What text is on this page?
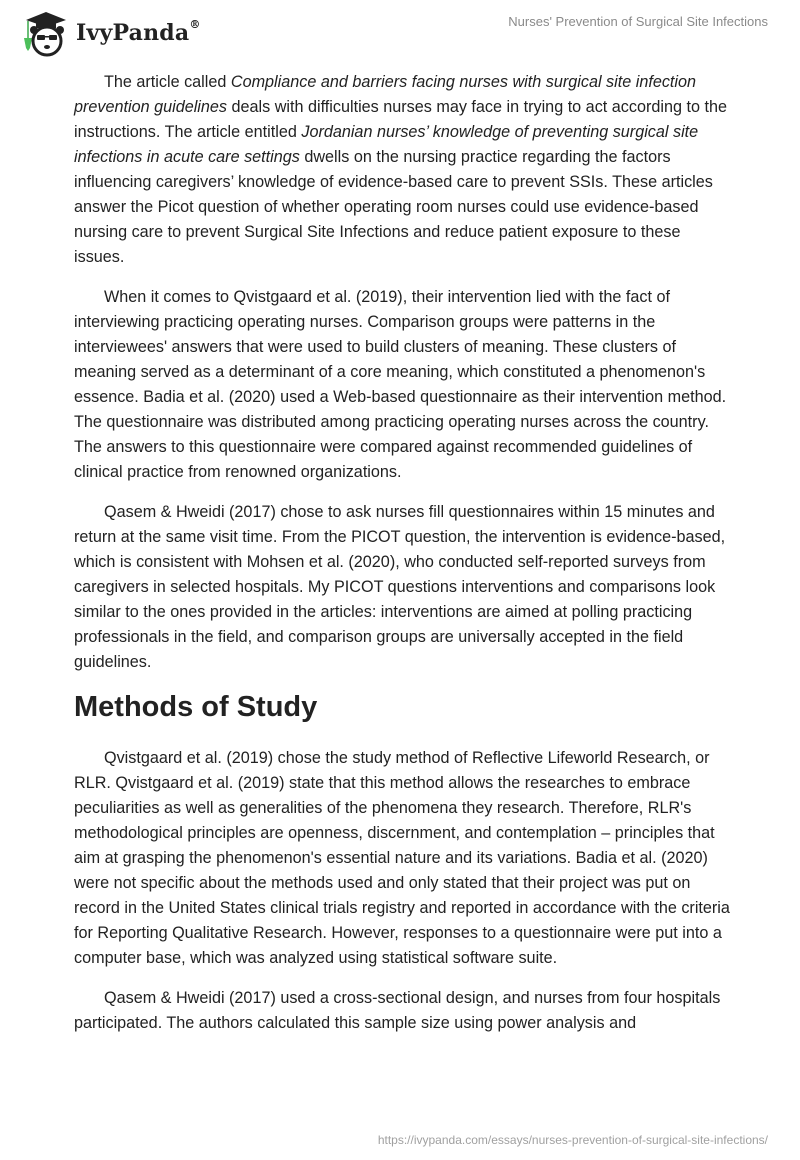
IvyPanda®	Nurses' Prevention of Surgical Site Infections

The article called Compliance and barriers facing nurses with surgical site infection prevention guidelines deals with difficulties nurses may face in trying to act according to the instructions. The article entitled Jordanian nurses’ knowledge of preventing surgical site infections in acute care settings dwells on the nursing practice regarding the factors influencing caregivers’ knowledge of evidence-based care to prevent SSIs. These articles answer the Picot question of whether operating room nurses could use evidence-based nursing care to prevent Surgical Site Infections and reduce patient exposure to these issues.

When it comes to Qvistgaard et al. (2019), their intervention lied with the fact of interviewing practicing operating nurses. Comparison groups were patterns in the interviewees' answers that were used to build clusters of meaning. These clusters of meaning served as a determinant of a core meaning, which constituted a phenomenon's essence. Badia et al. (2020) used a Web-based questionnaire as their intervention method. The questionnaire was distributed among practicing operating nurses across the country. The answers to this questionnaire were compared against recommended guidelines of clinical practice from renowned organizations.

Qasem & Hweidi (2017) chose to ask nurses fill questionnaires within 15 minutes and return at the same visit time. From the PICOT question, the intervention is evidence-based, which is consistent with Mohsen et al. (2020), who conducted self-reported surveys from caregivers in selected hospitals. My PICOT questions interventions and comparisons look similar to the ones provided in the articles: interventions are aimed at polling practicing professionals in the field, and comparison groups are universally accepted in the field guidelines.

Methods of Study

Qvistgaard et al. (2019) chose the study method of Reflective Lifeworld Research, or RLR. Qvistgaard et al. (2019) state that this method allows the researches to embrace peculiarities as well as generalities of the phenomena they research. Therefore, RLR's methodological principles are openness, discernment, and contemplation – principles that aim at grasping the phenomenon's essential nature and its variations. Badia et al. (2020) were not specific about the methods used and only stated that their project was put on record in the United States clinical trials registry and reported in accordance with the criteria for Reporting Qualitative Research. However, responses to a questionnaire were put into a computer base, which was analyzed using statistical software suite.

Qasem & Hweidi (2017) used a cross-sectional design, and nurses from four hospitals participated. The authors calculated this sample size using power analysis and

https://ivypanda.com/essays/nurses-prevention-of-surgical-site-infections/
